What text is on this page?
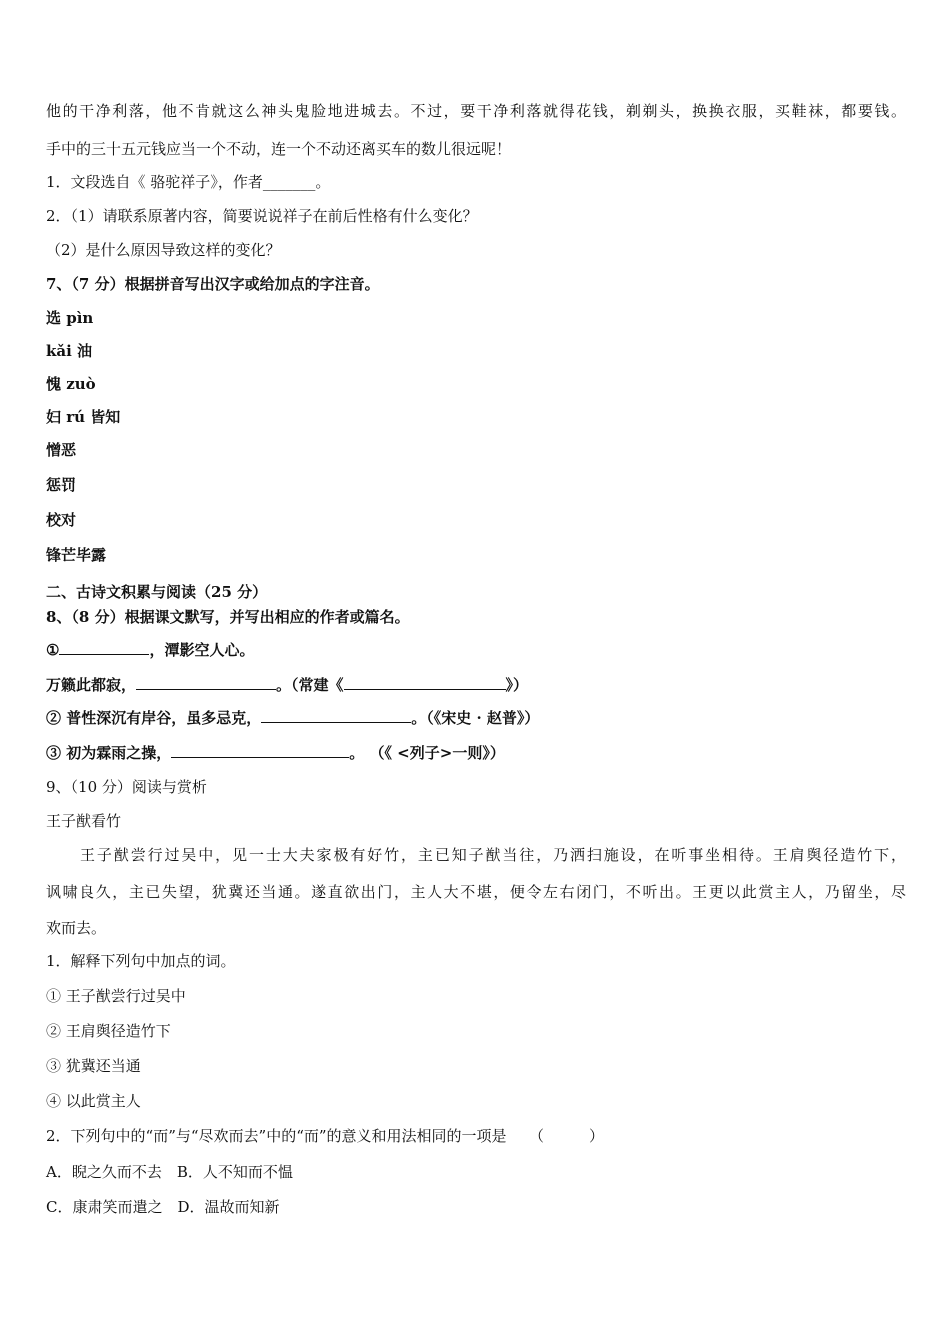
他的干净利落，他不肯就这么神头鬼脸地进城去。不过，要干净利落就得花钱，剃剃头，换换衣服，买鞋袜，都要钱。
手中的三十五元钱应当一个不动，连一个不动还离买车的数儿很远呢！
1．文段选自《 骆驼祥子》，作者_______。
2．（1）请联系原著内容，简要说说祥子在前后性格有什么变化？
（2）是什么原因导致这样的变化？
7、（7 分）根据拼音写出汉字或给加点的字注音。
选 pìn
kǎi 油
愧 zuò
妇 rú 皆知
憎恶
惩罚
校对
锋芒毕露
二、古诗文积累与阅读（25 分）
8、（8 分）根据课文默写，并写出相应的作者或篇名。
①	，潭影空人心。
万籁此都寂，	。（常建《	》）
② 普性深沉有岸谷，虽多忌克，	。（《宋史 · 赵普》）
③ 初为霖雨之操，	。 （《 <列子>一则》）
9、（10 分）阅读与赏析
王子猷看竹
王子猷尝行过吴中，见一士大夫家极有好竹，主已知子猷当往，乃洒扫施设，在听事坐相待。王肩舆径造竹下，
讽啸良久，主已失望，犹冀还当通。遂直欲出门，主人大不堪，便令左右闭门，不听出。王更以此赏主人，乃留坐，尽
欢而去。
1．解释下列句中加点的词。
① 王子猷尝行过吴中
② 王肩舆径造竹下
③ 犹冀还当通
④ 以此赏主人
2．下列句中的“而”与“尽欢而去”中的“而”的意义和用法相同的一项是　　（　　　）
A．睨之久而不去　B．人不知而不愠
C．康肃笑而遣之　D．温故而知新
